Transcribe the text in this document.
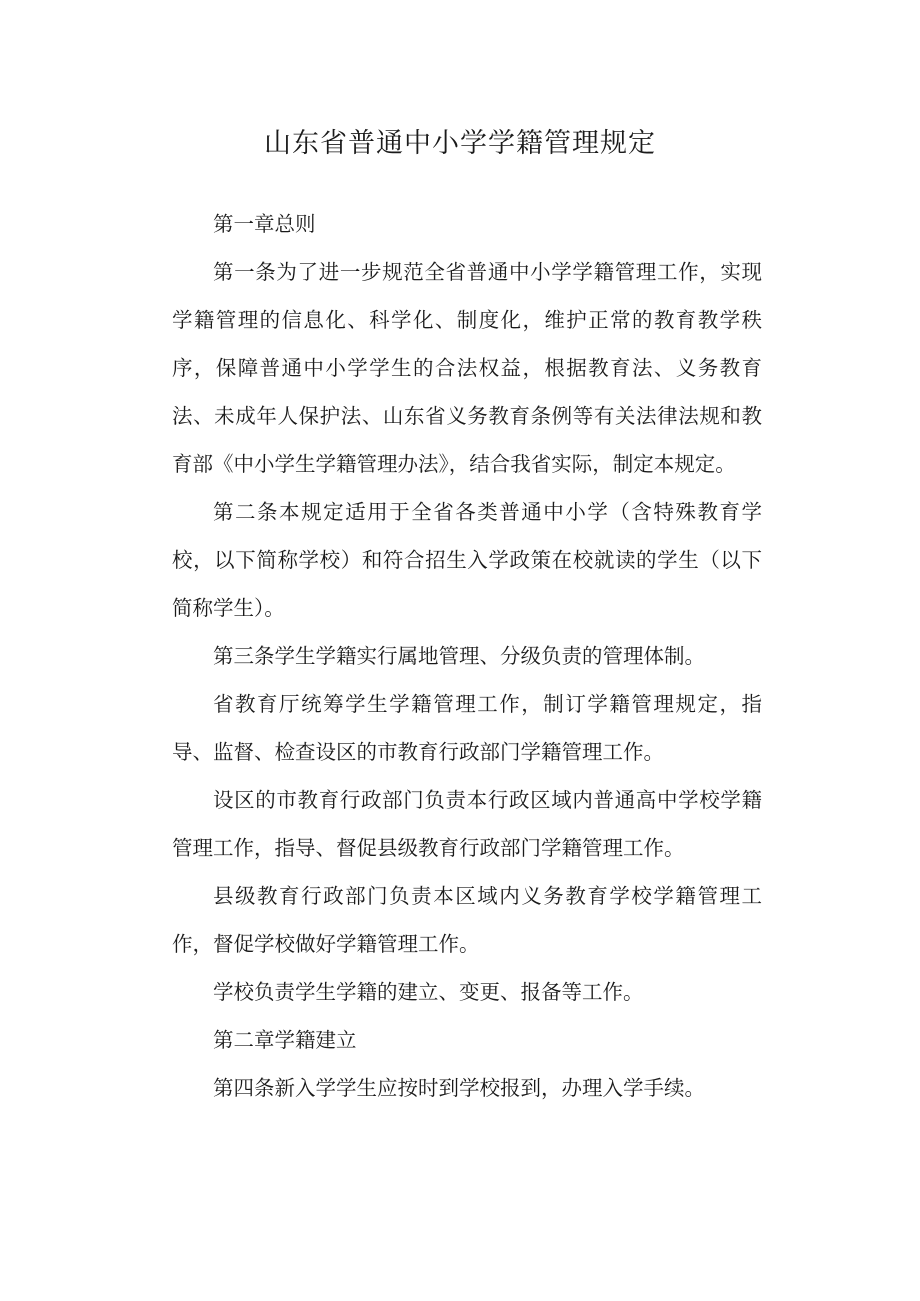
山东省普通中小学学籍管理规定

第一章总则

第一条为了进一步规范全省普通中小学学籍管理工作，实现学籍管理的信息化、科学化、制度化，维护正常的教育教学秩序，保障普通中小学学生的合法权益，根据教育法、义务教育法、未成年人保护法、山东省义务教育条例等有关法律法规和教育部《中小学生学籍管理办法》，结合我省实际，制定本规定。

第二条本规定适用于全省各类普通中小学（含特殊教育学校，以下简称学校）和符合招生入学政策在校就读的学生（以下简称学生）。

第三条学生学籍实行属地管理、分级负责的管理体制。

省教育厅统筹学生学籍管理工作，制订学籍管理规定，指导、监督、检查设区的市教育行政部门学籍管理工作。

设区的市教育行政部门负责本行政区域内普通高中学校学籍管理工作，指导、督促县级教育行政部门学籍管理工作。

县级教育行政部门负责本区域内义务教育学校学籍管理工作，督促学校做好学籍管理工作。

学校负责学生学籍的建立、变更、报备等工作。

第二章学籍建立

第四条新入学学生应按时到学校报到，办理入学手续。
